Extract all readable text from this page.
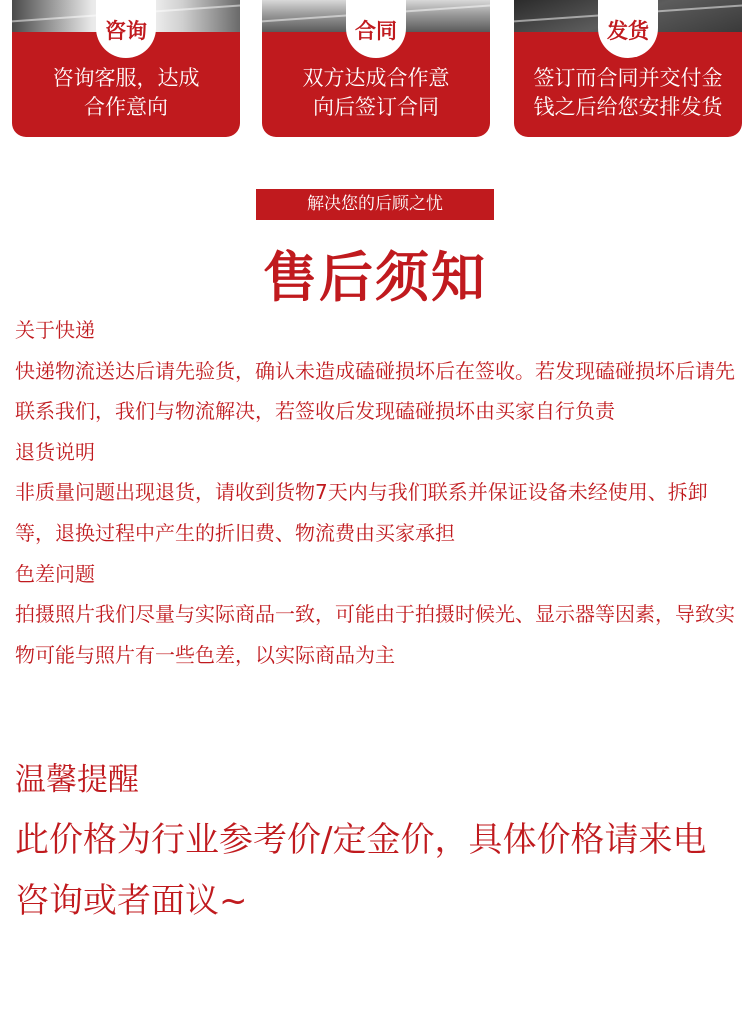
咨询
咨询客服，达成
合作意向
合同
双方达成合作意
向后签订合同
发货
签订而合同并交付金
钱之后给您安排发货
解决您的后顾之忧
售后须知

关于快递

快递物流送达后请先验货，确认未造成磕碰损坏后在签收。若发现磕碰损坏后请先联系我们，我们与物流解决，若签收后发现磕碰损坏由买家自行负责

退货说明

非质量问题出现退货，请收到货物7天内与我们联系并保证设备未经使用、拆卸等，退换过程中产生的折旧费、物流费由买家承担

色差问题

拍摄照片我们尽量与实际商品一致，可能由于拍摄时候光、显示器等因素，导致实物可能与照片有一些色差，以实际商品为主

温馨提醒
此价格为行业参考价/定金价，具体价格请来电咨询或者面议~
